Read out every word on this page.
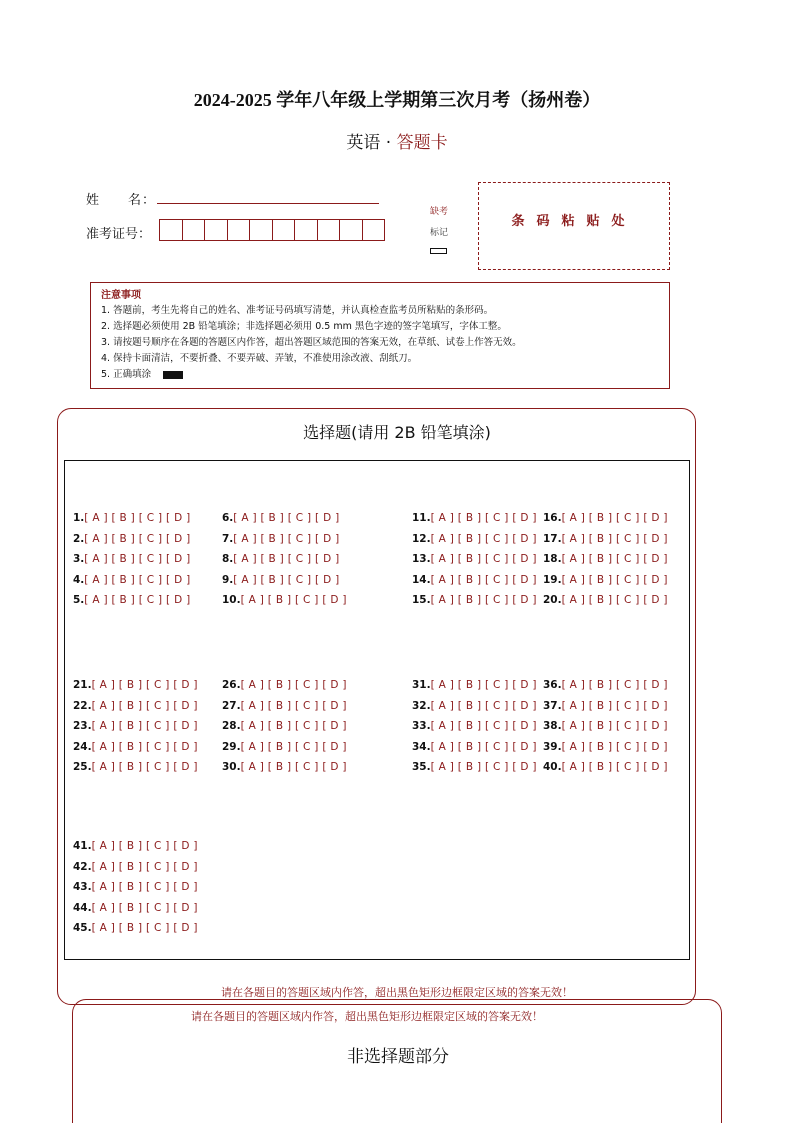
2024-2025 学年八年级上学期第三次月考（扬州卷）
英语 · 答题卡
姓　　名：
准考证号：
缺考
标记
条码粘贴处
注意事项
1. 答题前，考生先将自己的姓名、准考证号码填写清楚，并认真检查监考员所粘贴的条形码。
2. 选择题必须使用 2B 铅笔填涂；非选择题必须用 0.5 mm 黑色字迹的签字笔填写，字体工整。
3. 请按题号顺序在各题的答题区内作答，超出答题区域范围的答案无效，在草纸、试卷上作答无效。
4. 保持卡面清洁，不要折叠、不要弄破、弄皱，不准使用涂改液、刮纸刀。
5. 正确填涂
选择题(请用 2B 铅笔填涂)
1.[ A ] [ B ] [ C ] [ D ]
2.[ A ] [ B ] [ C ] [ D ]
3.[ A ] [ B ] [ C ] [ D ]
4.[ A ] [ B ] [ C ] [ D ]
5.[ A ] [ B ] [ C ] [ D ]
6.[ A ] [ B ] [ C ] [ D ]
7.[ A ] [ B ] [ C ] [ D ]
8.[ A ] [ B ] [ C ] [ D ]
9.[ A ] [ B ] [ C ] [ D ]
10.[ A ] [ B ] [ C ] [ D ]
11.[ A ] [ B ] [ C ] [ D ]
12.[ A ] [ B ] [ C ] [ D ]
13.[ A ] [ B ] [ C ] [ D ]
14.[ A ] [ B ] [ C ] [ D ]
15.[ A ] [ B ] [ C ] [ D ]
16.[ A ] [ B ] [ C ] [ D ]
17.[ A ] [ B ] [ C ] [ D ]
18.[ A ] [ B ] [ C ] [ D ]
19.[ A ] [ B ] [ C ] [ D ]
20.[ A ] [ B ] [ C ] [ D ]
21.[ A ] [ B ] [ C ] [ D ]
22.[ A ] [ B ] [ C ] [ D ]
23.[ A ] [ B ] [ C ] [ D ]
24.[ A ] [ B ] [ C ] [ D ]
25.[ A ] [ B ] [ C ] [ D ]
26.[ A ] [ B ] [ C ] [ D ]
27.[ A ] [ B ] [ C ] [ D ]
28.[ A ] [ B ] [ C ] [ D ]
29.[ A ] [ B ] [ C ] [ D ]
30.[ A ] [ B ] [ C ] [ D ]
31.[ A ] [ B ] [ C ] [ D ]
32.[ A ] [ B ] [ C ] [ D ]
33.[ A ] [ B ] [ C ] [ D ]
34.[ A ] [ B ] [ C ] [ D ]
35.[ A ] [ B ] [ C ] [ D ]
36.[ A ] [ B ] [ C ] [ D ]
37.[ A ] [ B ] [ C ] [ D ]
38.[ A ] [ B ] [ C ] [ D ]
39.[ A ] [ B ] [ C ] [ D ]
40.[ A ] [ B ] [ C ] [ D ]
41.[ A ] [ B ] [ C ] [ D ]
42.[ A ] [ B ] [ C ] [ D ]
43.[ A ] [ B ] [ C ] [ D ]
44.[ A ] [ B ] [ C ] [ D ]
45.[ A ] [ B ] [ C ] [ D ]
请在各题目的答题区域内作答，超出黑色矩形边框限定区域的答案无效！
请在各题目的答题区域内作答，超出黑色矩形边框限定区域的答案无效！
非选择题部分
